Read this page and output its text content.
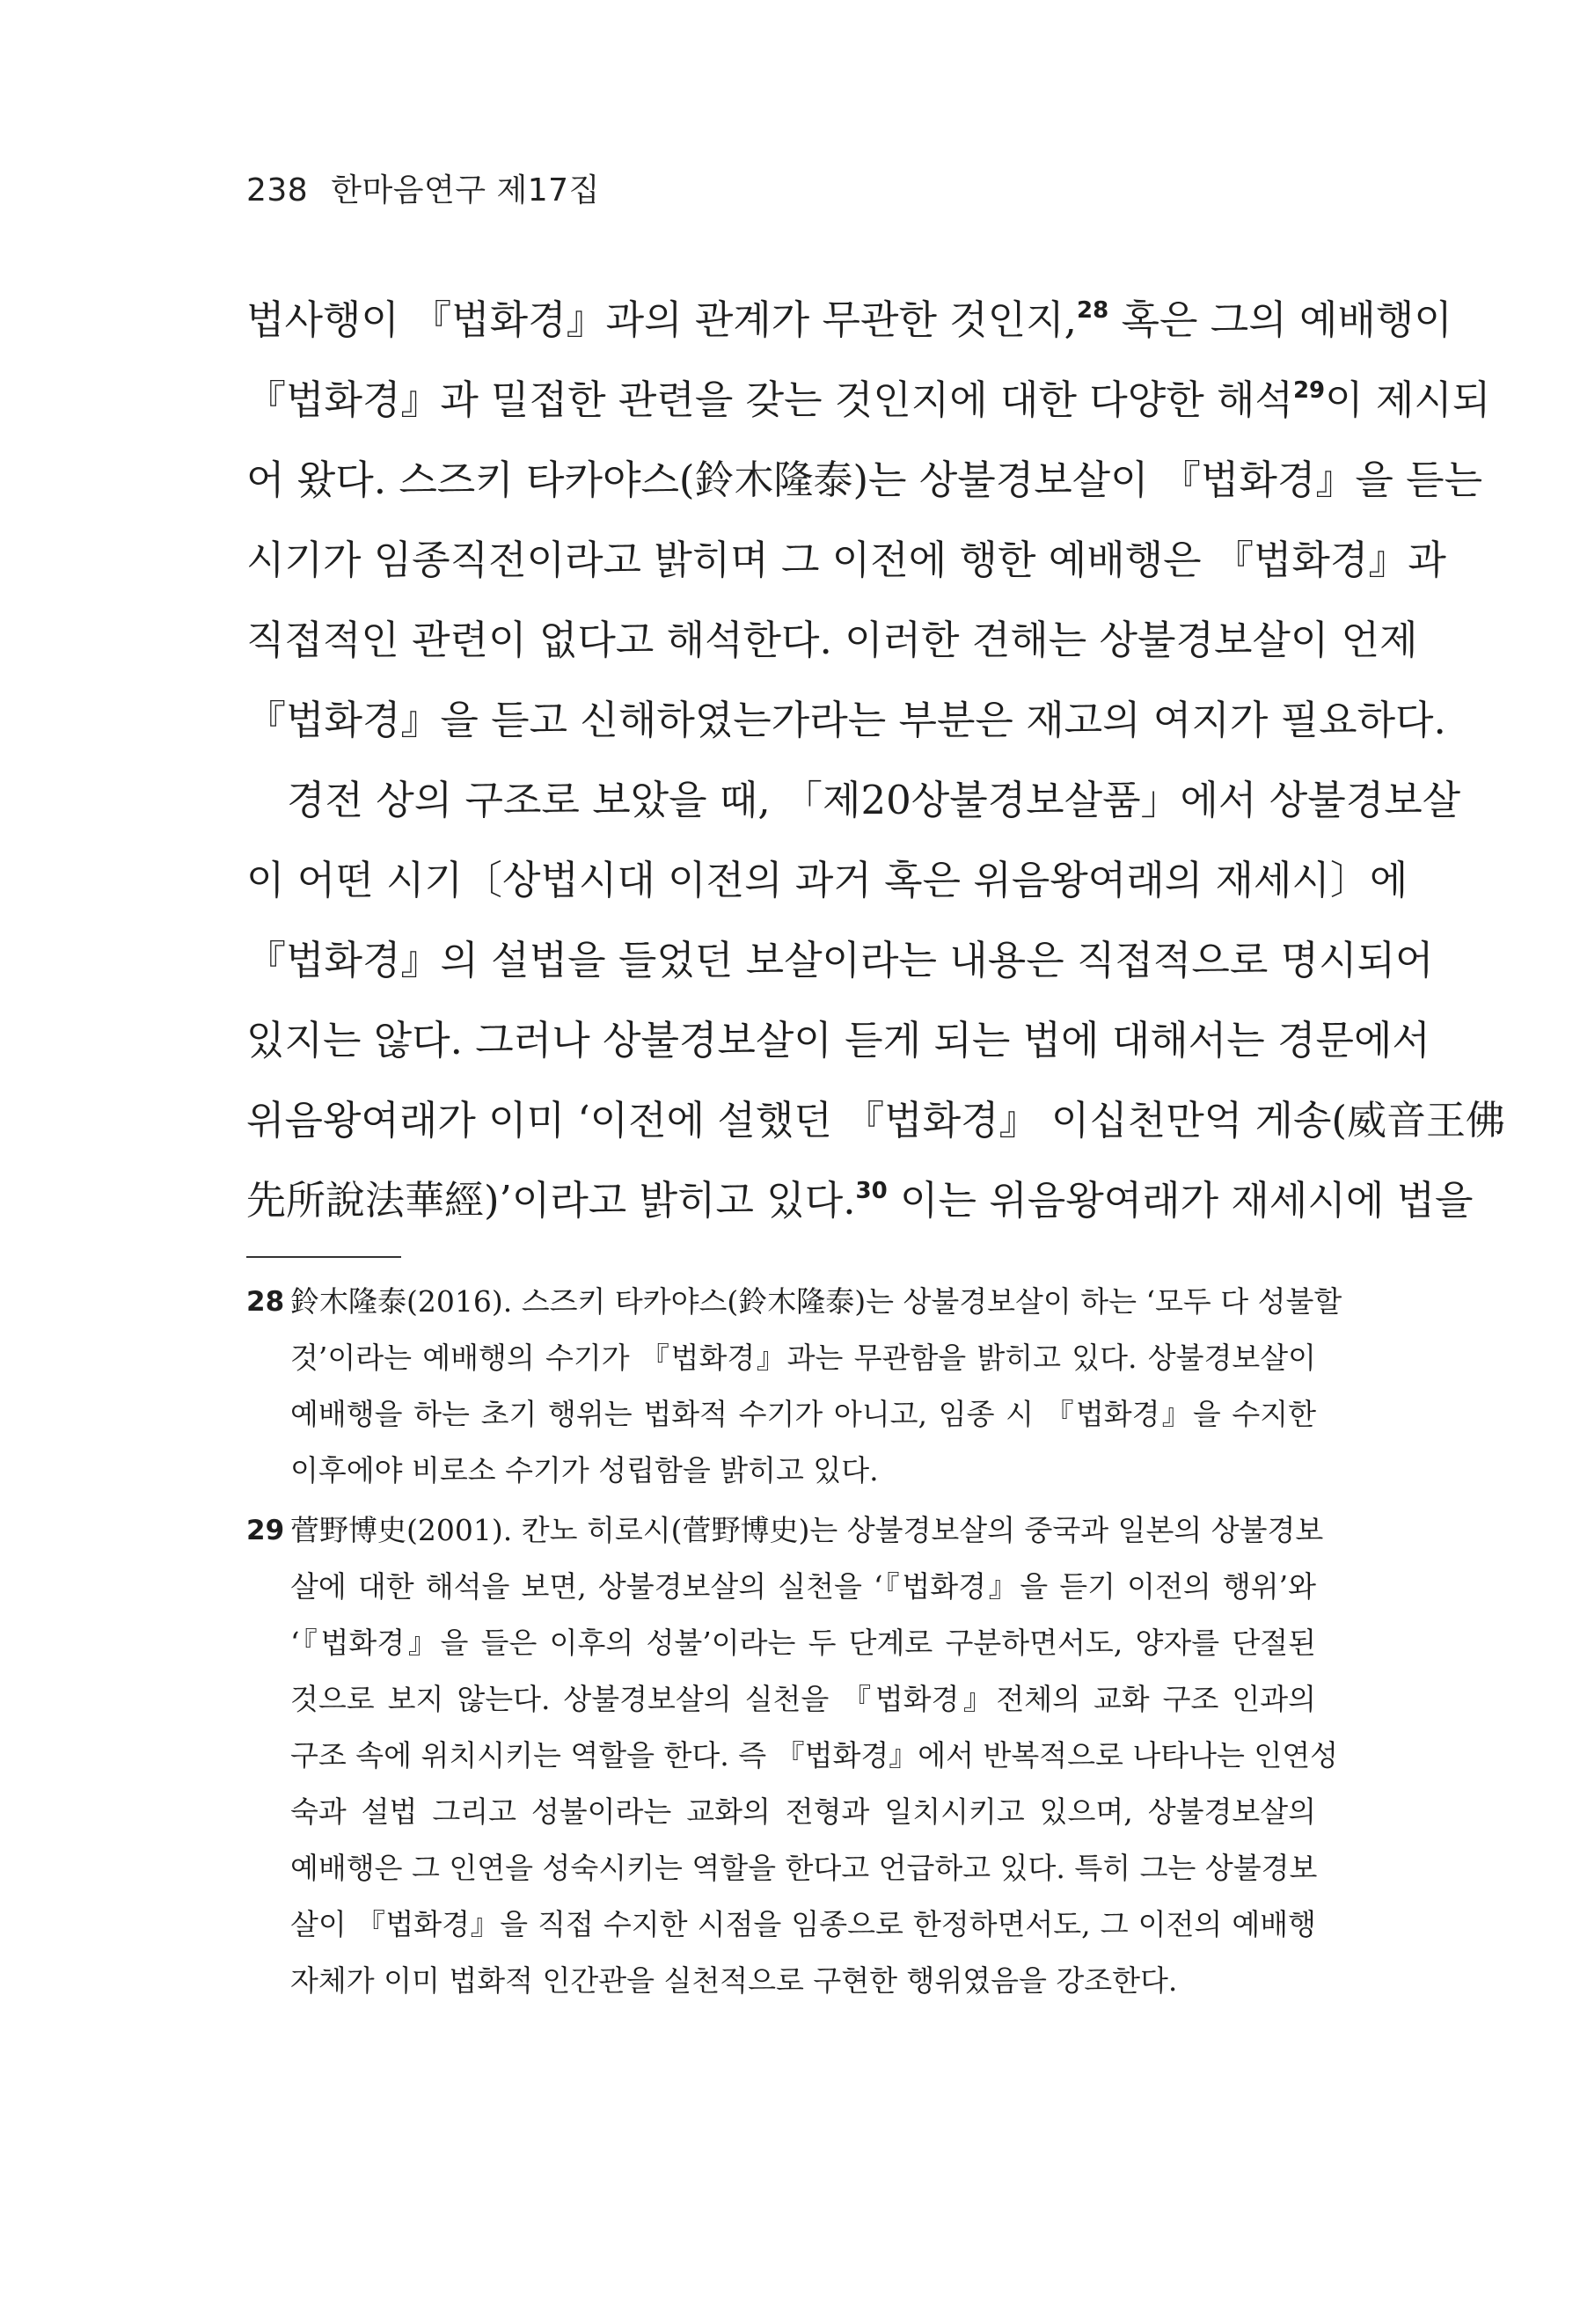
238 한마음연구 제17집
법사행이 『법화경』과의 관계가 무관한 것인지,$^{28}$ 혹은 그의 예배행이
『법화경』과 밀접한 관련을 갖는 것인지에 대한 다양한 해석$^{29}$이 제시되
어 왔다. 스즈키 타카야스(鈴木隆泰)는 상불경보살이 『법화경』을 듣는
시기가 임종직전이라고 밝히며 그 이전에 행한 예배행은 『법화경』과
직접적인 관련이 없다고 해석한다. 이러한 견해는 상불경보살이 언제
『법화경』을 듣고 신해하였는가라는 부분은 재고의 여지가 필요하다.
경전 상의 구조로 보았을 때, 「제20상불경보살품」에서 상불경보살
이 어떤 시기〔상법시대 이전의 과거 혹은 위음왕여래의 재세시〕에
『법화경』의 설법을 들었던 보살이라는 내용은 직접적으로 명시되어
있지는 않다. 그러나 상불경보살이 듣게 되는 법에 대해서는 경문에서
위음왕여래가 이미 ‘이전에 설했던 『법화경』 이십천만억 게송(威音王佛
先所說法華經)’이라고 밝히고 있다.$^{30}$ 이는 위음왕여래가 재세시에 법을
28 鈴木隆泰(2016). 스즈키 타카야스(鈴木隆泰)는 상불경보살이 하는 ‘모두 다 성불할
것’이라는 예배행의 수기가 『법화경』과는 무관함을 밝히고 있다. 상불경보살이
예배행을 하는 초기 행위는 법화적 수기가 아니고, 임종 시 『법화경』을 수지한
이후에야 비로소 수기가 성립함을 밝히고 있다.
29 菅野博史(2001). 칸노 히로시(菅野博史)는 상불경보살의 중국과 일본의 상불경보
살에 대한 해석을 보면, 상불경보살의 실천을 ‘『법화경』을 듣기 이전의 행위’와
‘『법화경』을 들은 이후의 성불’이라는 두 단계로 구분하면서도, 양자를 단절된
것으로 보지 않는다. 상불경보살의 실천을 『법화경』전체의 교화 구조 인과의
구조 속에 위치시키는 역할을 한다. 즉 『법화경』에서 반복적으로 나타나는 인연성
숙과 설법 그리고 성불이라는 교화의 전형과 일치시키고 있으며, 상불경보살의
예배행은 그 인연을 성숙시키는 역할을 한다고 언급하고 있다. 특히 그는 상불경보
살이 『법화경』을 직접 수지한 시점을 임종으로 한정하면서도, 그 이전의 예배행
자체가 이미 법화적 인간관을 실천적으로 구현한 행위였음을 강조한다.
